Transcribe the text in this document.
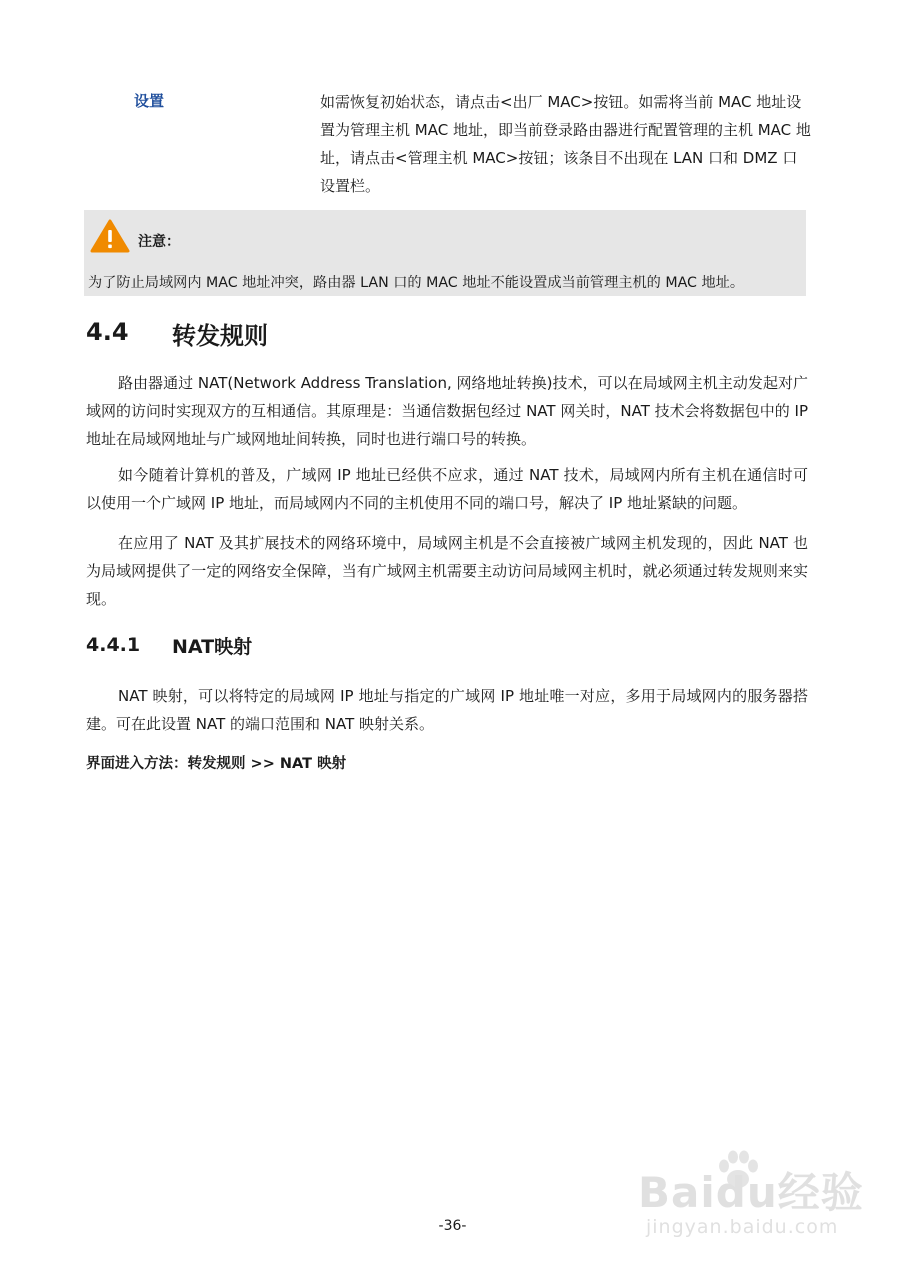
设置	如需恢复初始状态，请点击<出厂 MAC>按钮。如需将当前 MAC 地址设置为管理主机 MAC 地址，即当前登录路由器进行配置管理的主机 MAC 地址，请点击<管理主机 MAC>按钮；该条目不出现在 LAN 口和 DMZ 口设置栏。
注意：
为了防止局域网内 MAC 地址冲突，路由器 LAN 口的 MAC 地址不能设置成当前管理主机的 MAC 地址。
4.4 转发规则
路由器通过 NAT(Network Address Translation, 网络地址转换)技术，可以在局域网主机主动发起对广域网的访问时实现双方的互相通信。其原理是：当通信数据包经过 NAT 网关时，NAT 技术会将数据包中的 IP 地址在局域网地址与广域网地址间转换，同时也进行端口号的转换。
如今随着计算机的普及，广域网 IP 地址已经供不应求，通过 NAT 技术，局域网内所有主机在通信时可以使用一个广域网 IP 地址，而局域网内不同的主机使用不同的端口号，解决了 IP 地址紧缺的问题。
在应用了 NAT 及其扩展技术的网络环境中，局域网主机是不会直接被广域网主机发现的，因此 NAT 也为局域网提供了一定的网络安全保障，当有广域网主机需要主动访问局域网主机时，就必须通过转发规则来实现。
4.4.1 NAT映射
NAT 映射，可以将特定的局域网 IP 地址与指定的广域网 IP 地址唯一对应，多用于局域网内的服务器搭建。可在此设置 NAT 的端口范围和 NAT 映射关系。
界面进入方法：转发规则 >> NAT 映射
Baidu经验
jingyan.baidu.com
-36-
